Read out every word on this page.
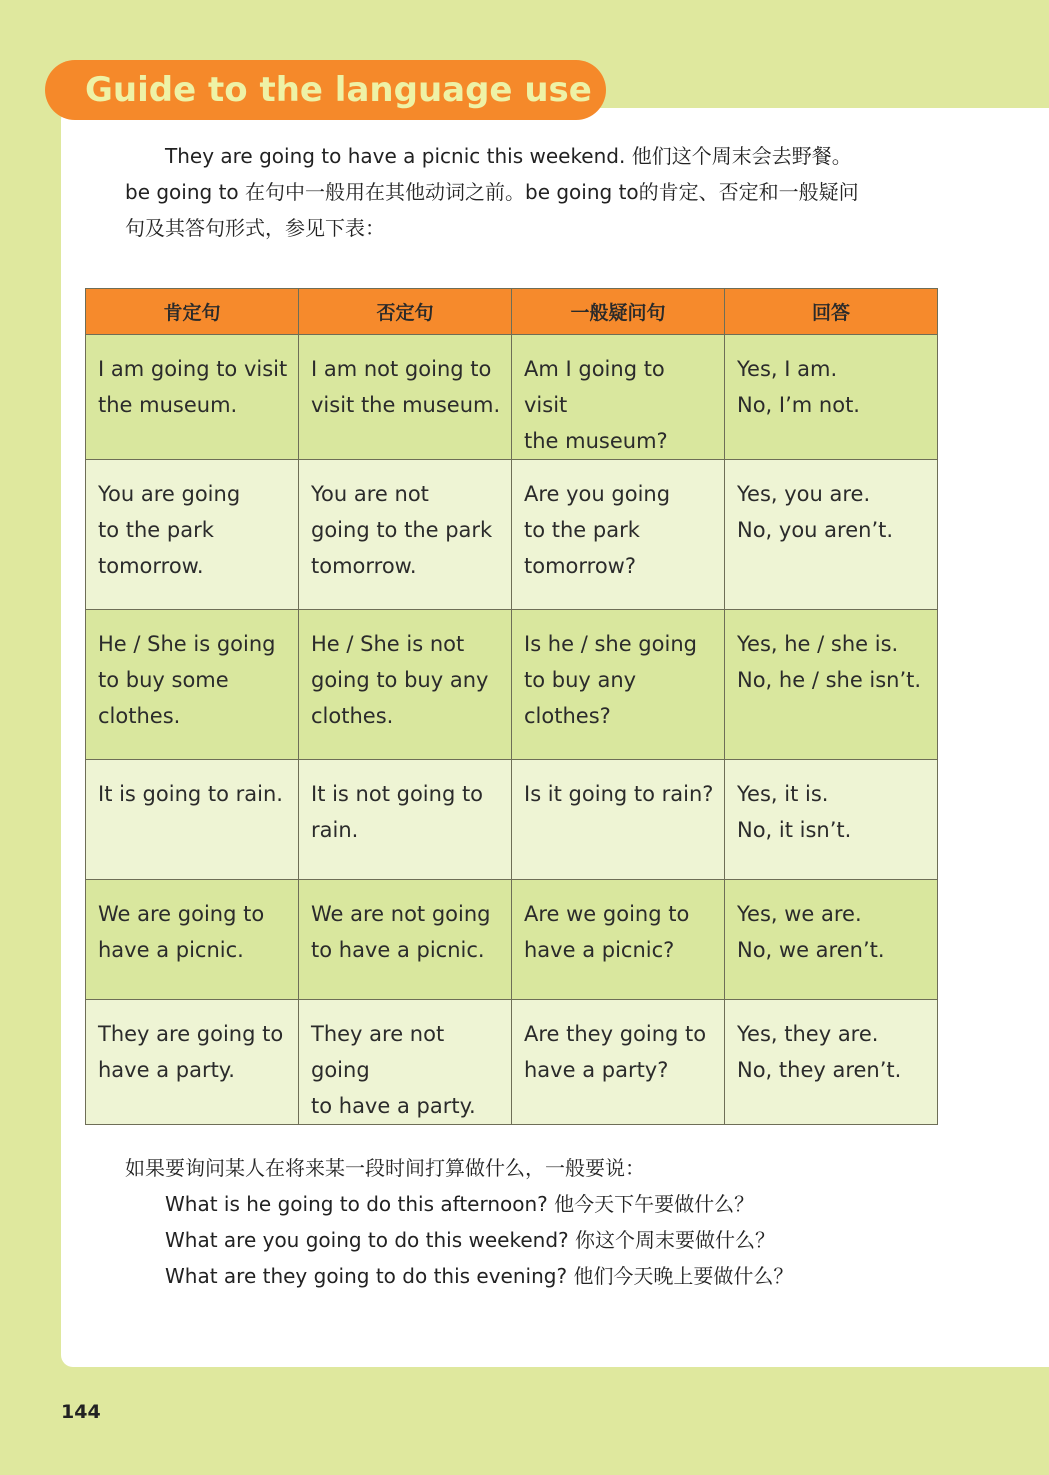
Guide to the language use

They are going to have a picnic this weekend. 他们这个周末会去野餐。

be going to 在句中一般用在其他动词之前。be going to的肯定、否定和一般疑问

句及其答句形式，参见下表：

肯定句	否定句	一般疑问句	回答

I am going to visit
the museum.	I am not going to
visit the museum.	Am I going to visit
the museum?	Yes, I am.
No, I’m not.

You are going
to the park
tomorrow.	You are not
going to the park
tomorrow.	Are you going
to the park
tomorrow?	Yes, you are.
No, you aren’t.

He / She is going
to buy some
clothes.	He / She is not
going to buy any
clothes.	Is he / she going
to buy any clothes?	Yes, he / she is.
No, he / she isn’t.

It is going to rain.	It is not going to
rain.	Is it going to rain?	Yes, it is.
No, it isn’t.

We are going to
have a picnic.	We are not going
to have a picnic.	Are we going to
have a picnic?	Yes, we are.
No, we aren’t.

They are going to
have a party.	They are not going
to have a party.	Are they going to
have a party?	Yes, they are.
No, they aren’t.

如果要询问某人在将来某一段时间打算做什么，一般要说：

What is he going to do this afternoon? 他今天下午要做什么？

What are you going to do this weekend? 你这个周末要做什么？

What are they going to do this evening? 他们今天晚上要做什么？

144
